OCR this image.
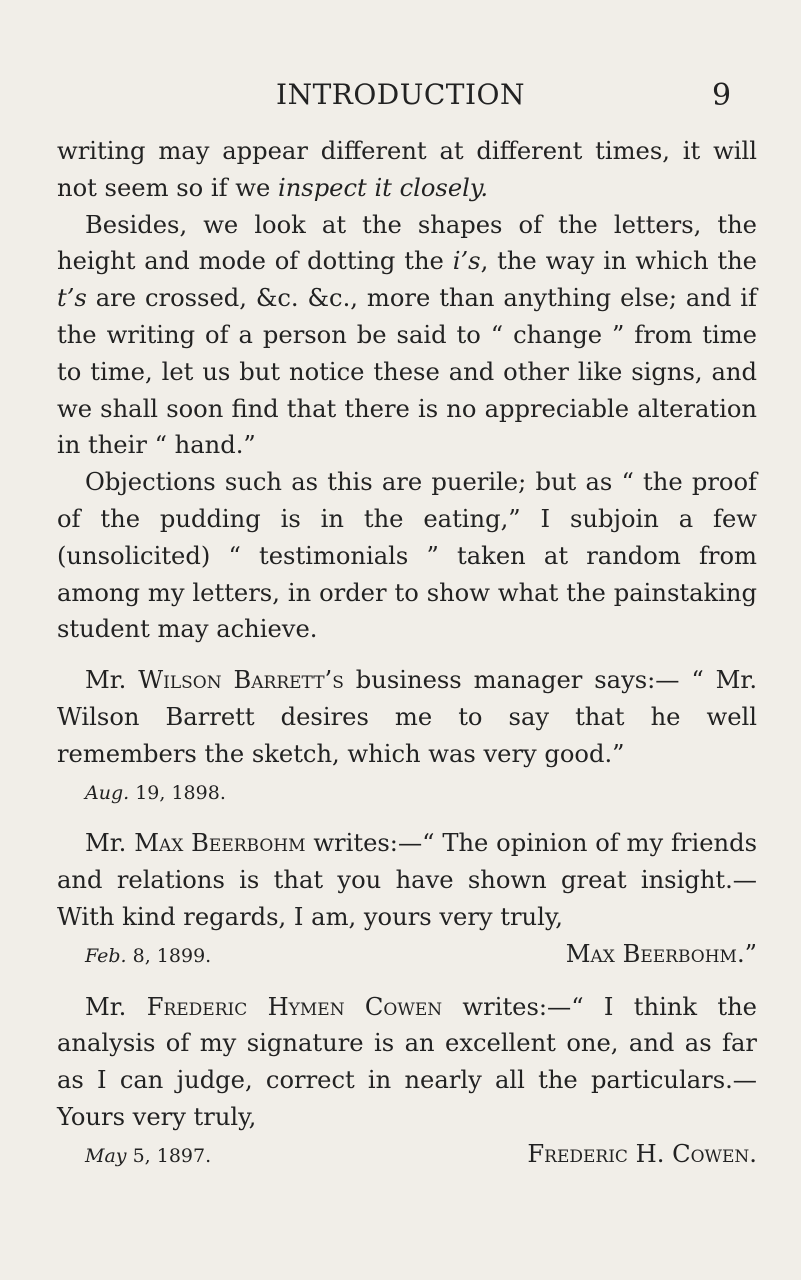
INTRODUCTION	9

writing may appear different at different times, it will not seem so if we inspect it closely.

Besides, we look at the shapes of the letters, the height and mode of dotting the i’s, the way in which the t’s are crossed, &c. &c., more than anything else; and if the writing of a person be said to “ change ” from time to time, let us but notice these and other like signs, and we shall soon find that there is no appreciable alteration in their “ hand.”

Objections such as this are puerile; but as “ the proof of the pudding is in the eating,” I subjoin a few (unsolicited) “ testimonials ” taken at random from among my letters, in order to show what the painstaking student may achieve.

Mr. Wilson Barrett’s business manager says:— “ Mr. Wilson Barrett desires me to say that he well remembers the sketch, which was very good.”

Aug. 19, 1898.

Mr. Max Beerbohm writes:—“ The opinion of my friends and relations is that you have shown great insight.—With kind regards, I am, yours very truly,

Feb. 8, 1899.	Max Beerbohm.”

Mr. Frederic Hymen Cowen writes:—“ I think the analysis of my signature is an excellent one, and as far as I can judge, correct in nearly all the particulars.—Yours very truly,

May 5, 1897.	Frederic H. Cowen.
